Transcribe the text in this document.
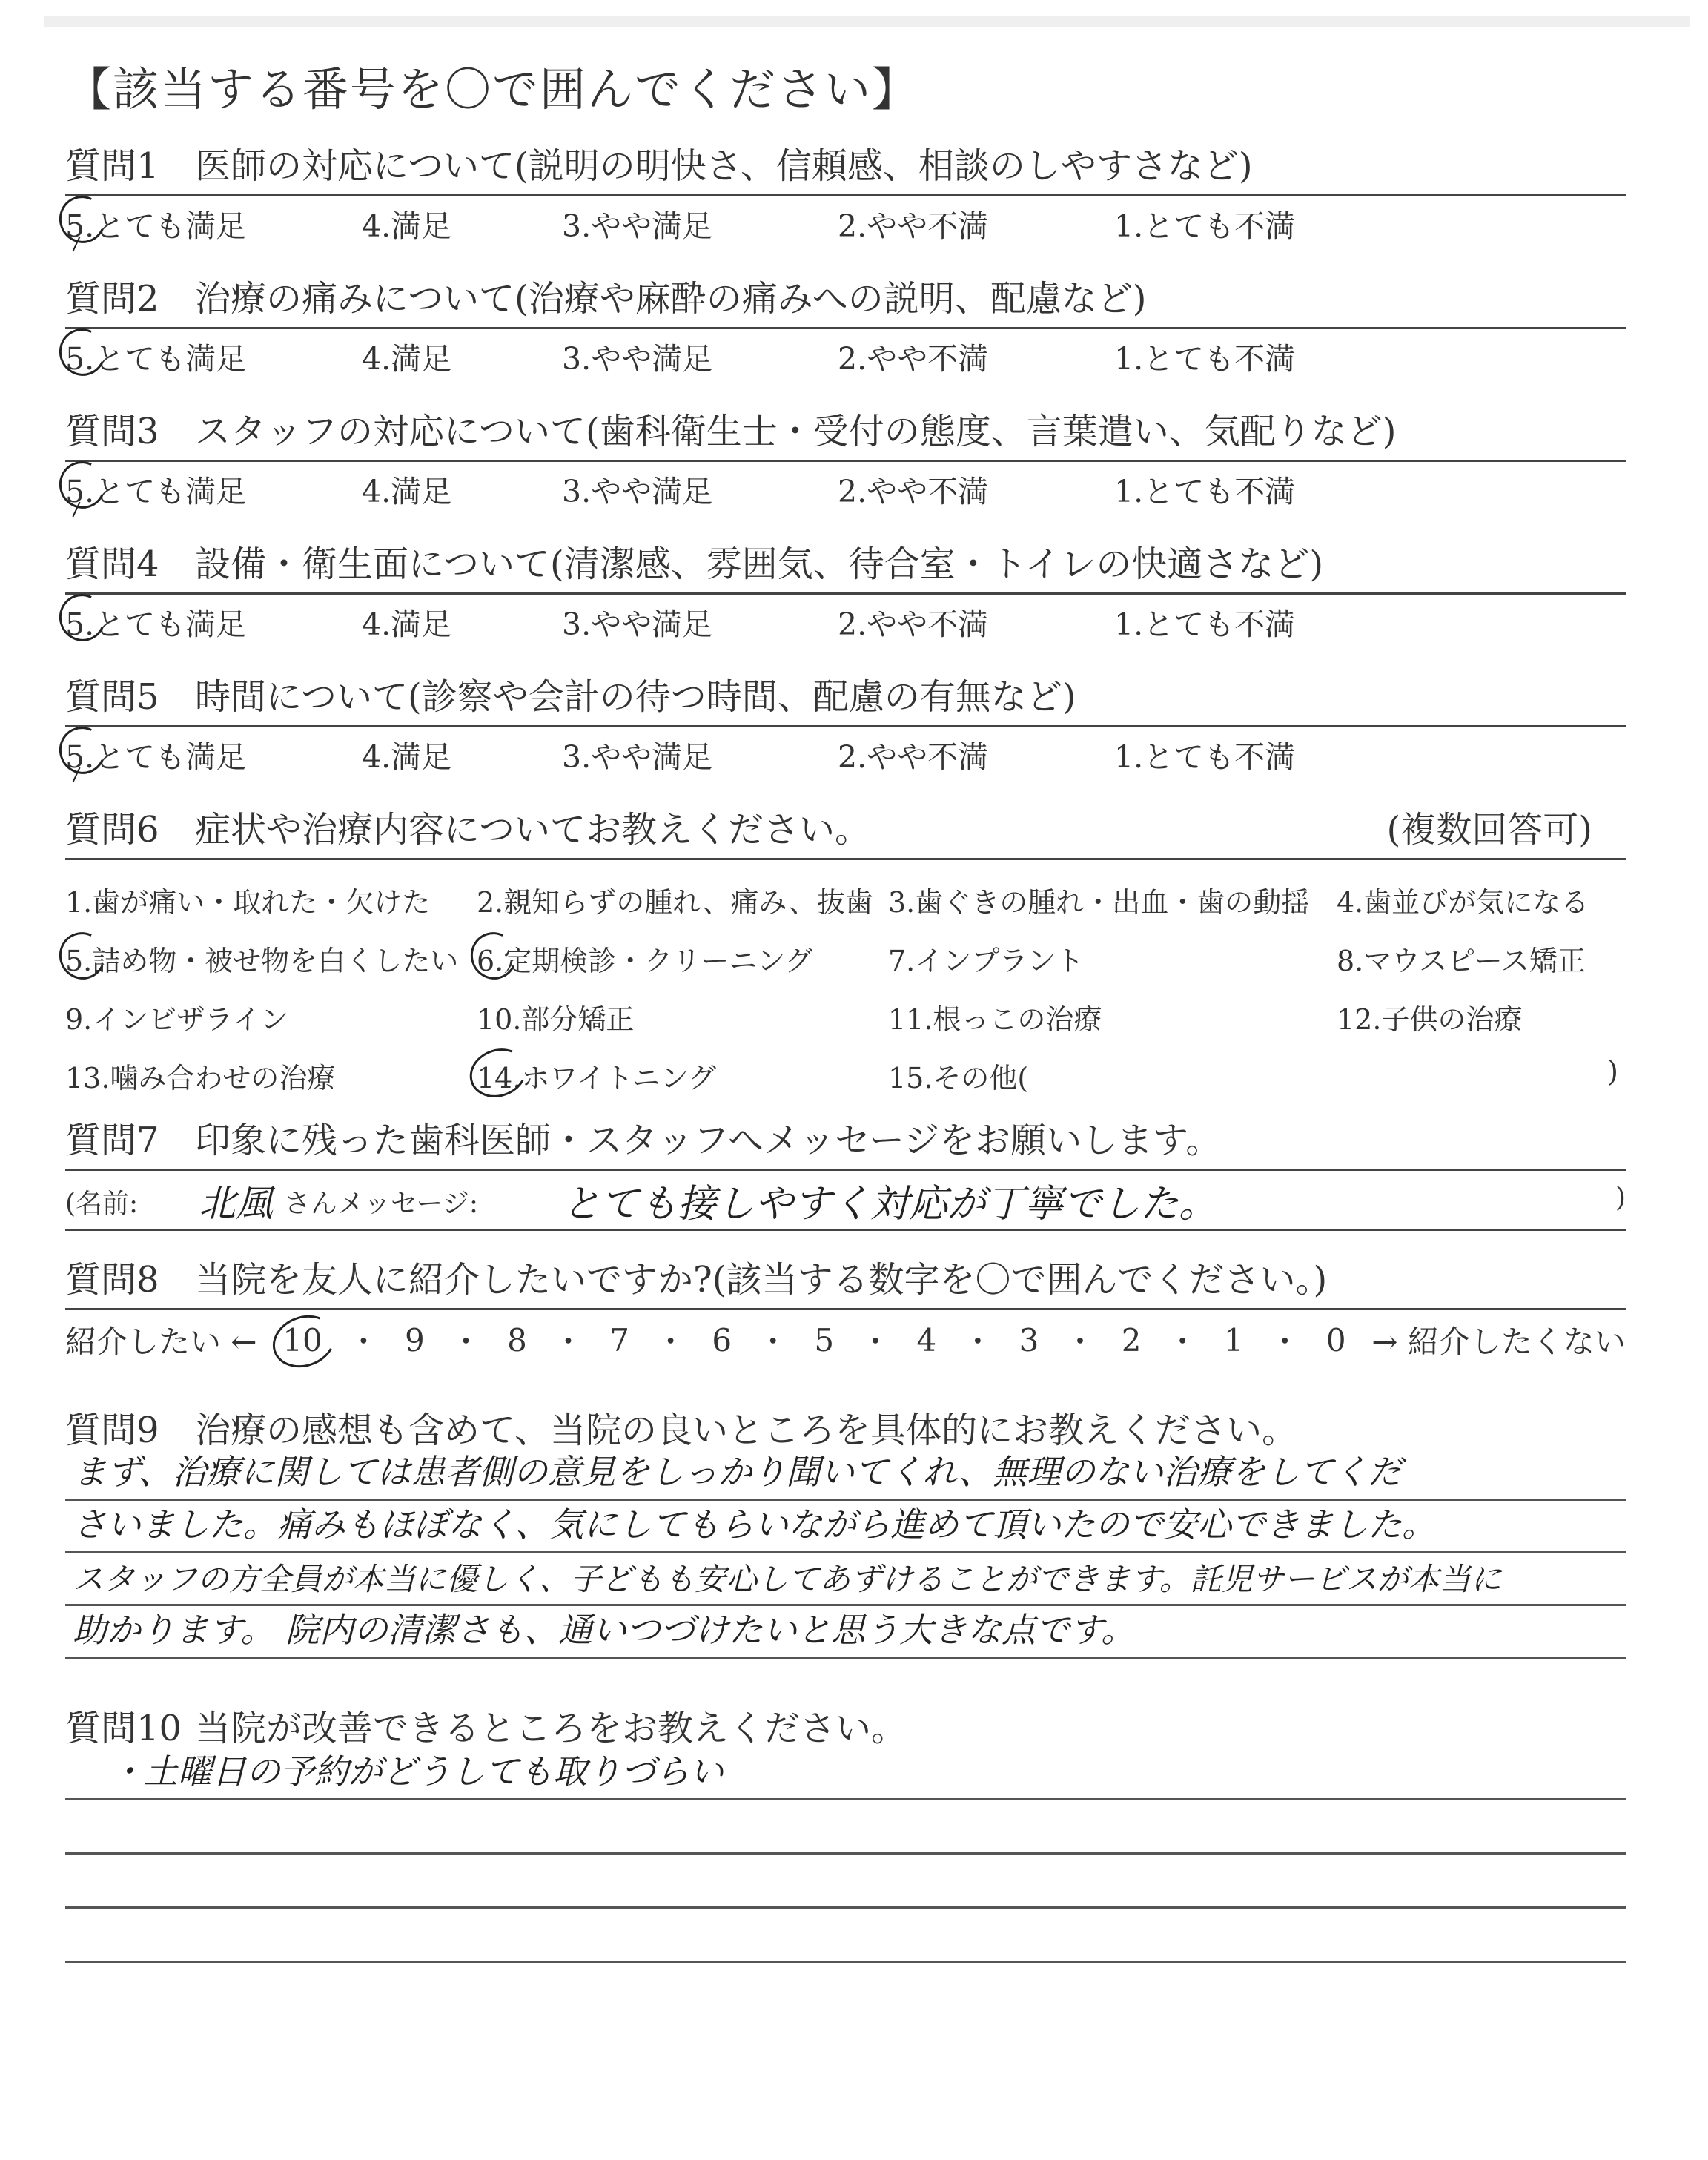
【該当する番号を〇で囲んでください】
質問1 医師の対応について(説明の明快さ、信頼感、相談のしやすさなど)
5.とても満足	4.満足	3.やや満足	2.やや不満	1.とても不満
質問2 治療の痛みについて(治療や麻酔の痛みへの説明、配慮など)
5.とても満足	4.満足	3.やや満足	2.やや不満	1.とても不満
質問3 スタッフの対応について(歯科衛生士・受付の態度、言葉遣い、気配りなど)
5.とても満足	4.満足	3.やや満足	2.やや不満	1.とても不満
質問4 設備・衛生面について(清潔感、雰囲気、待合室・トイレの快適さなど)
5.とても満足	4.満足	3.やや満足	2.やや不満	1.とても不満
質問5 時間について(診察や会計の待つ時間、配慮の有無など)
5.とても満足	4.満足	3.やや満足	2.やや不満	1.とても不満
質問6 症状や治療内容についてお教えください。	(複数回答可)
1.歯が痛い・取れた・欠けた	2.親知らずの腫れ、痛み、抜歯 3.歯ぐきの腫れ・出血・歯の動揺 4.歯並びが気になる
5.詰め物・被せ物を白くしたい 6.定期検診・クリーニング	7.インプラント	8.マウスピース矯正
9.インビザライン	10.部分矯正	11.根っこの治療	12.子供の治療
13.噛み合わせの治療	14.ホワイトニング	15.その他(	)
質問7 印象に残った歯科医師・スタッフへメッセージをお願いします。
(名前: 北風 さんメッセージ: とても接しやすく対応が丁寧でした。	)
質問8 当院を友人に紹介したいですか?(該当する数字を〇で囲んでください。)
紹介したい ← 10 ・ 9 ・ 8 ・ 7 ・ 6 ・ 5 ・ 4 ・ 3 ・ 2 ・ 1 ・ 0 → 紹介したくない
質問9 治療の感想も含めて、当院の良いところを具体的にお教えください。
まず、治療に関しては患者側の意見をしっかり聞いてくれ、無理のない治療をしてくだ
さいました。痛みもほぼなく、気にしてもらいながら進めて頂いたので安心できました。
スタッフの方全員が本当に優しく、子どもも安心してあずけることができます。託児サービスが本当に
助かります。 院内の清潔さも、通いつづけたいと思う大きな点です。
質問10 当院が改善できるところをお教えください。
・土曜日の予約がどうしても取りづらい
